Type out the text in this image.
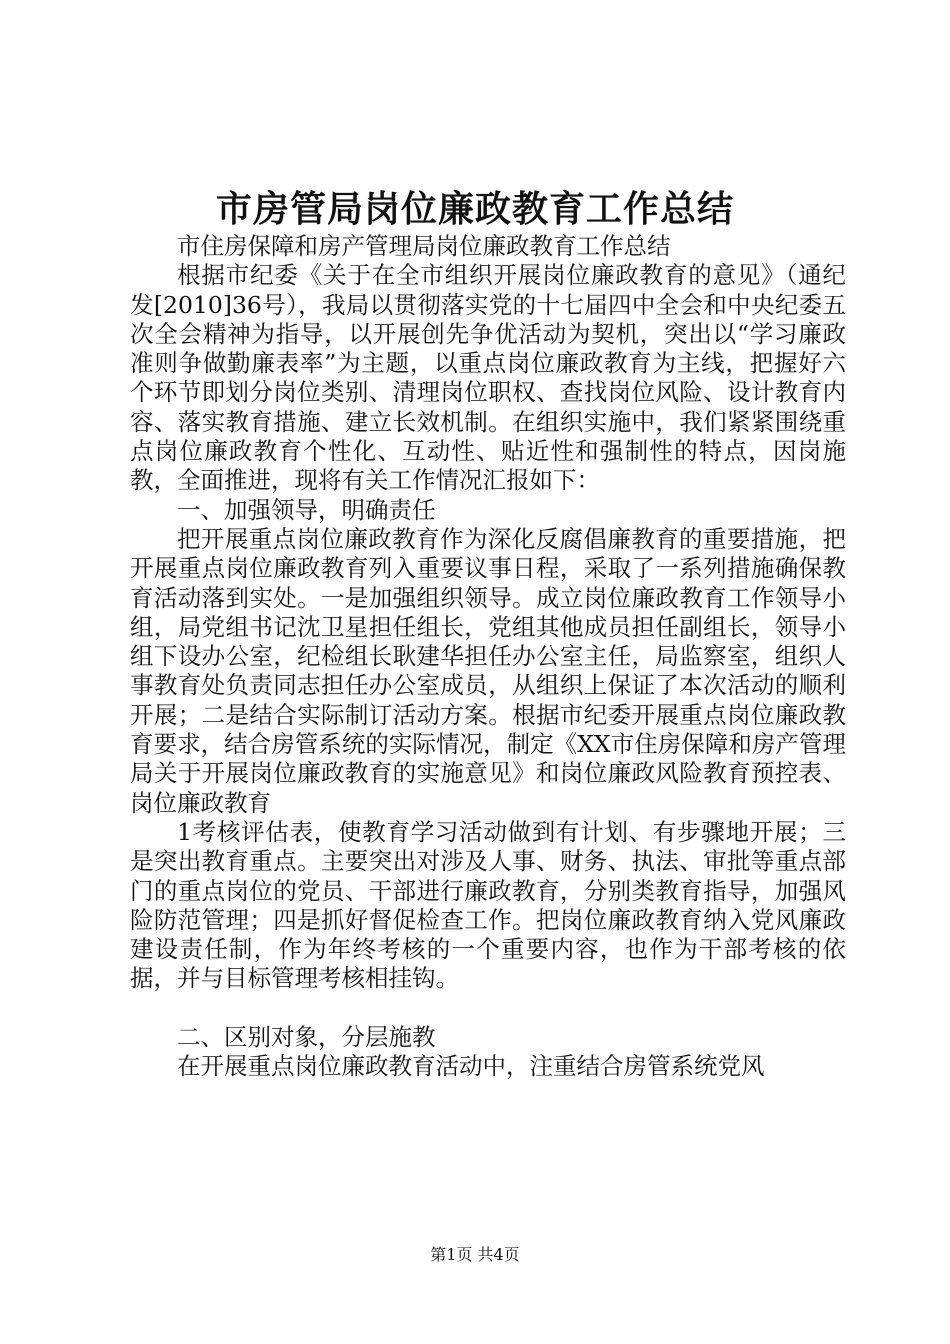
市房管局岗位廉政教育工作总结

市住房保障和房产管理局岗位廉政教育工作总结

根据市纪委《关于在全市组织开展岗位廉政教育的意见》（通纪发[2010]36号），我局以贯彻落实党的十七届四中全会和中央纪委五次全会精神为指导，以开展创先争优活动为契机，突出以“学习廉政准则争做勤廉表率”为主题，以重点岗位廉政教育为主线，把握好六个环节即划分岗位类别、清理岗位职权、查找岗位风险、设计教育内容、落实教育措施、建立长效机制。在组织实施中，我们紧紧围绕重点岗位廉政教育个性化、互动性、贴近性和强制性的特点，因岗施教，全面推进，现将有关工作情况汇报如下：

一、加强领导，明确责任

把开展重点岗位廉政教育作为深化反腐倡廉教育的重要措施，把开展重点岗位廉政教育列入重要议事日程，采取了一系列措施确保教育活动落到实处。一是加强组织领导。成立岗位廉政教育工作领导小组，局党组书记沈卫星担任组长，党组其他成员担任副组长，领导小组下设办公室，纪检组长耿建华担任办公室主任，局监察室，组织人事教育处负责同志担任办公室成员，从组织上保证了本次活动的顺利开展；二是结合实际制订活动方案。根据市纪委开展重点岗位廉政教育要求，结合房管系统的实际情况，制定《XX市住房保障和房产管理局关于开展岗位廉政教育的实施意见》和岗位廉政风险教育预控表、岗位廉政教育

1考核评估表，使教育学习活动做到有计划、有步骤地开展；三是突出教育重点。主要突出对涉及人事、财务、执法、审批等重点部门的重点岗位的党员、干部进行廉政教育，分别类教育指导，加强风险防范管理；四是抓好督促检查工作。把岗位廉政教育纳入党风廉政建设责任制，作为年终考核的一个重要内容，也作为干部考核的依据，并与目标管理考核相挂钩。

二、区别对象，分层施教

在开展重点岗位廉政教育活动中，注重结合房管系统党风

第1页 共4页
